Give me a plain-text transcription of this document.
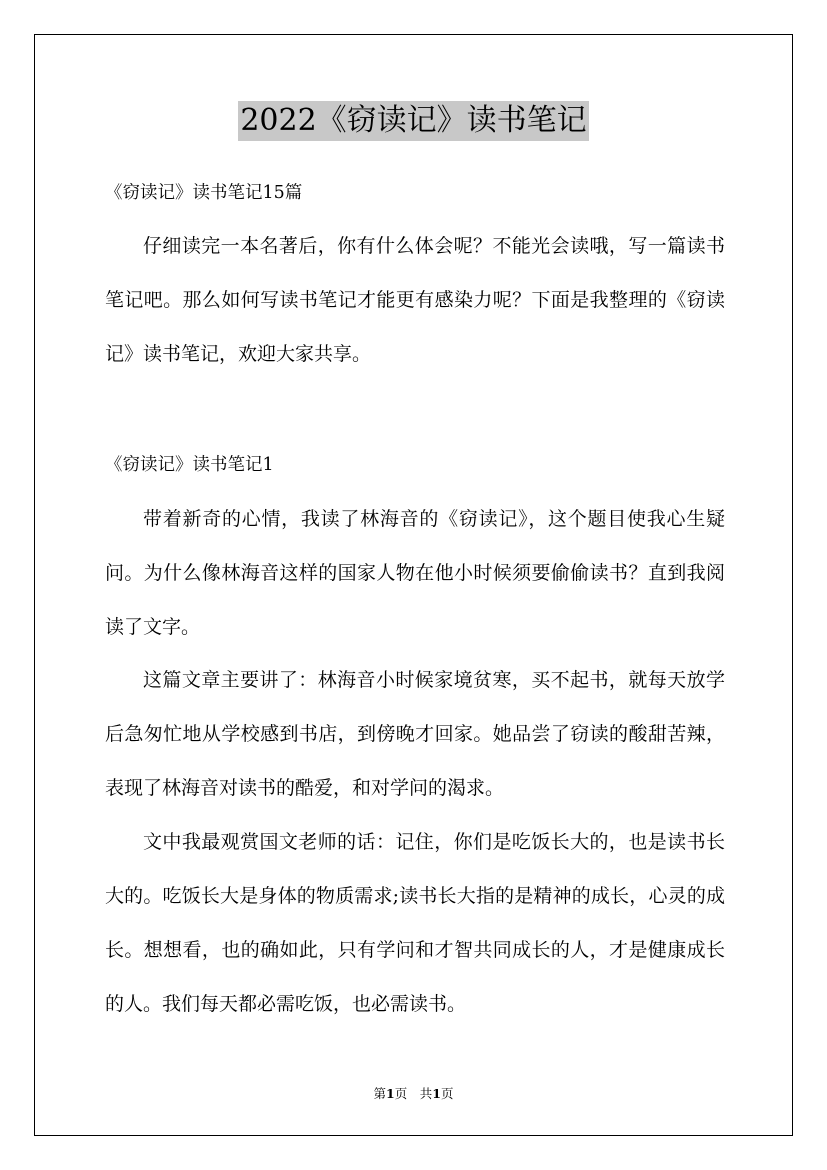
2022《窃读记》读书笔记
《窃读记》读书笔记15篇

仔细读完一本名著后，你有什么体会呢？不能光会读哦，写一篇读书笔记吧。那么如何写读书笔记才能更有感染力呢？下面是我整理的《窃读记》读书笔记，欢迎大家共享。

《窃读记》读书笔记1

带着新奇的心情，我读了林海音的《窃读记》，这个题目使我心生疑问。为什么像林海音这样的国家人物在他小时候须要偷偷读书？直到我阅读了文字。

这篇文章主要讲了：林海音小时候家境贫寒，买不起书，就每天放学后急匆忙地从学校感到书店，到傍晚才回家。她品尝了窃读的酸甜苦辣，表现了林海音对读书的酷爱，和对学问的渴求。

文中我最观赏国文老师的话：记住，你们是吃饭长大的，也是读书长大的。吃饭长大是身体的物质需求;读书长大指的是精神的成长，心灵的成长。想想看，也的确如此，只有学问和才智共同成长的人，才是健康成长的人。我们每天都必需吃饭，也必需读书。

第1页　共1页
